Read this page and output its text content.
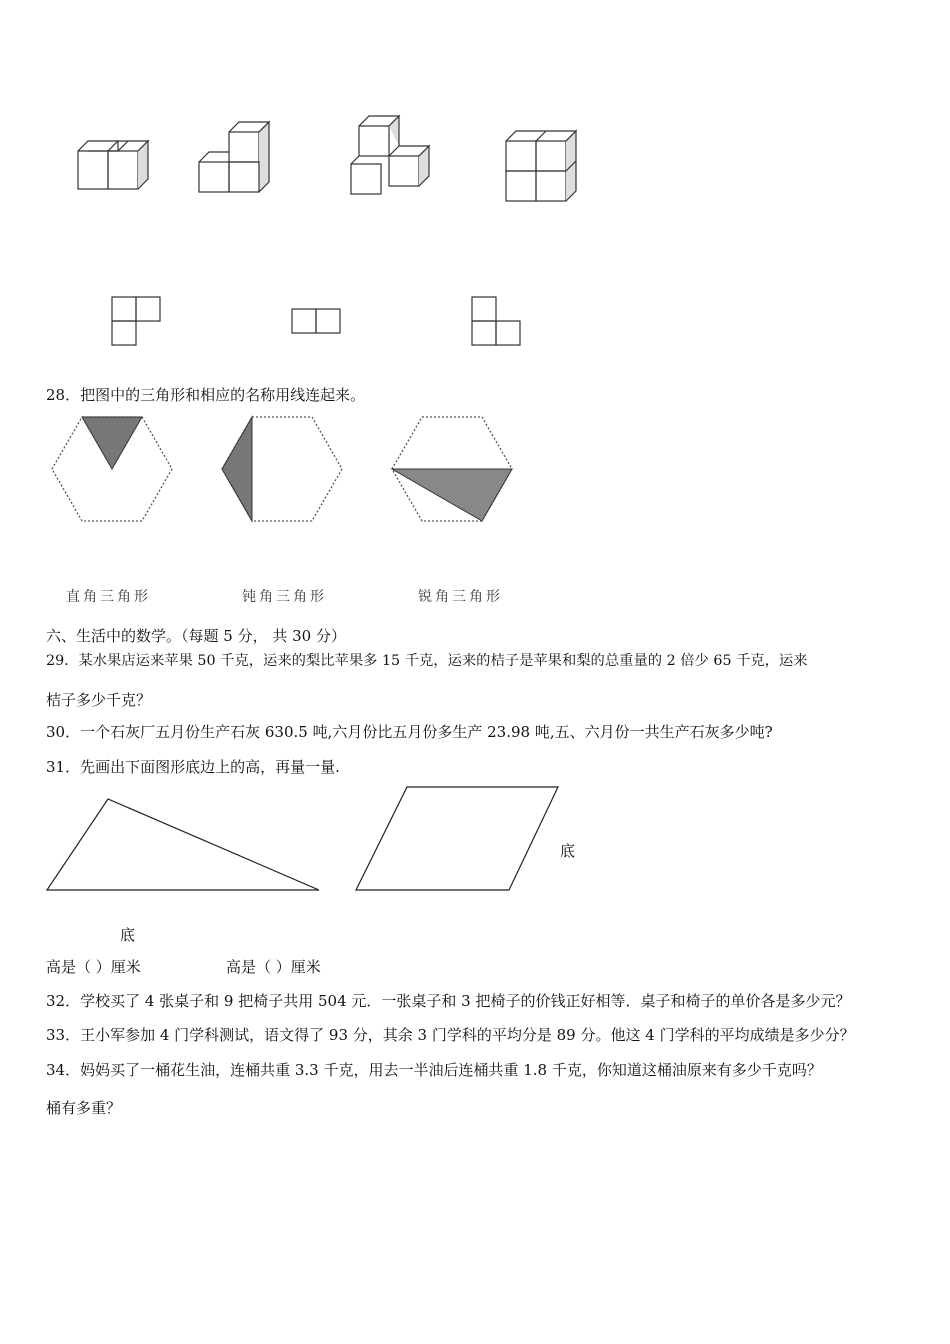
28．把图中的三角形和相应的名称用线连起来。
直角三角形	钝角三角形	锐角三角形
六、生活中的数学。（每题 5 分， 共 30 分）
29．某水果店运来苹果 50 千克，运来的梨比苹果多 15 千克，运来的桔子是苹果和梨的总重量的 2 倍少 65 千克，运来
桔子多少千克？
30．一个石灰厂五月份生产石灰 630.5 吨,六月份比五月份多生产 23.98 吨,五、六月份一共生产石灰多少吨?
31．先画出下面图形底边上的高，再量一量.
底
底
高是（ ）厘米	高是（ ）厘米
32．学校买了 4 张桌子和 9 把椅子共用 504 元．一张桌子和 3 把椅子的价钱正好相等．桌子和椅子的单价各是多少元？
33．王小军参加 4 门学科测试，语文得了 93 分，其余 3 门学科的平均分是 89 分。他这 4 门学科的平均成绩是多少分？
34．妈妈买了一桶花生油，连桶共重 3.3 千克，用去一半油后连桶共重 1.8 千克，你知道这桶油原来有多少千克吗？
桶有多重？
